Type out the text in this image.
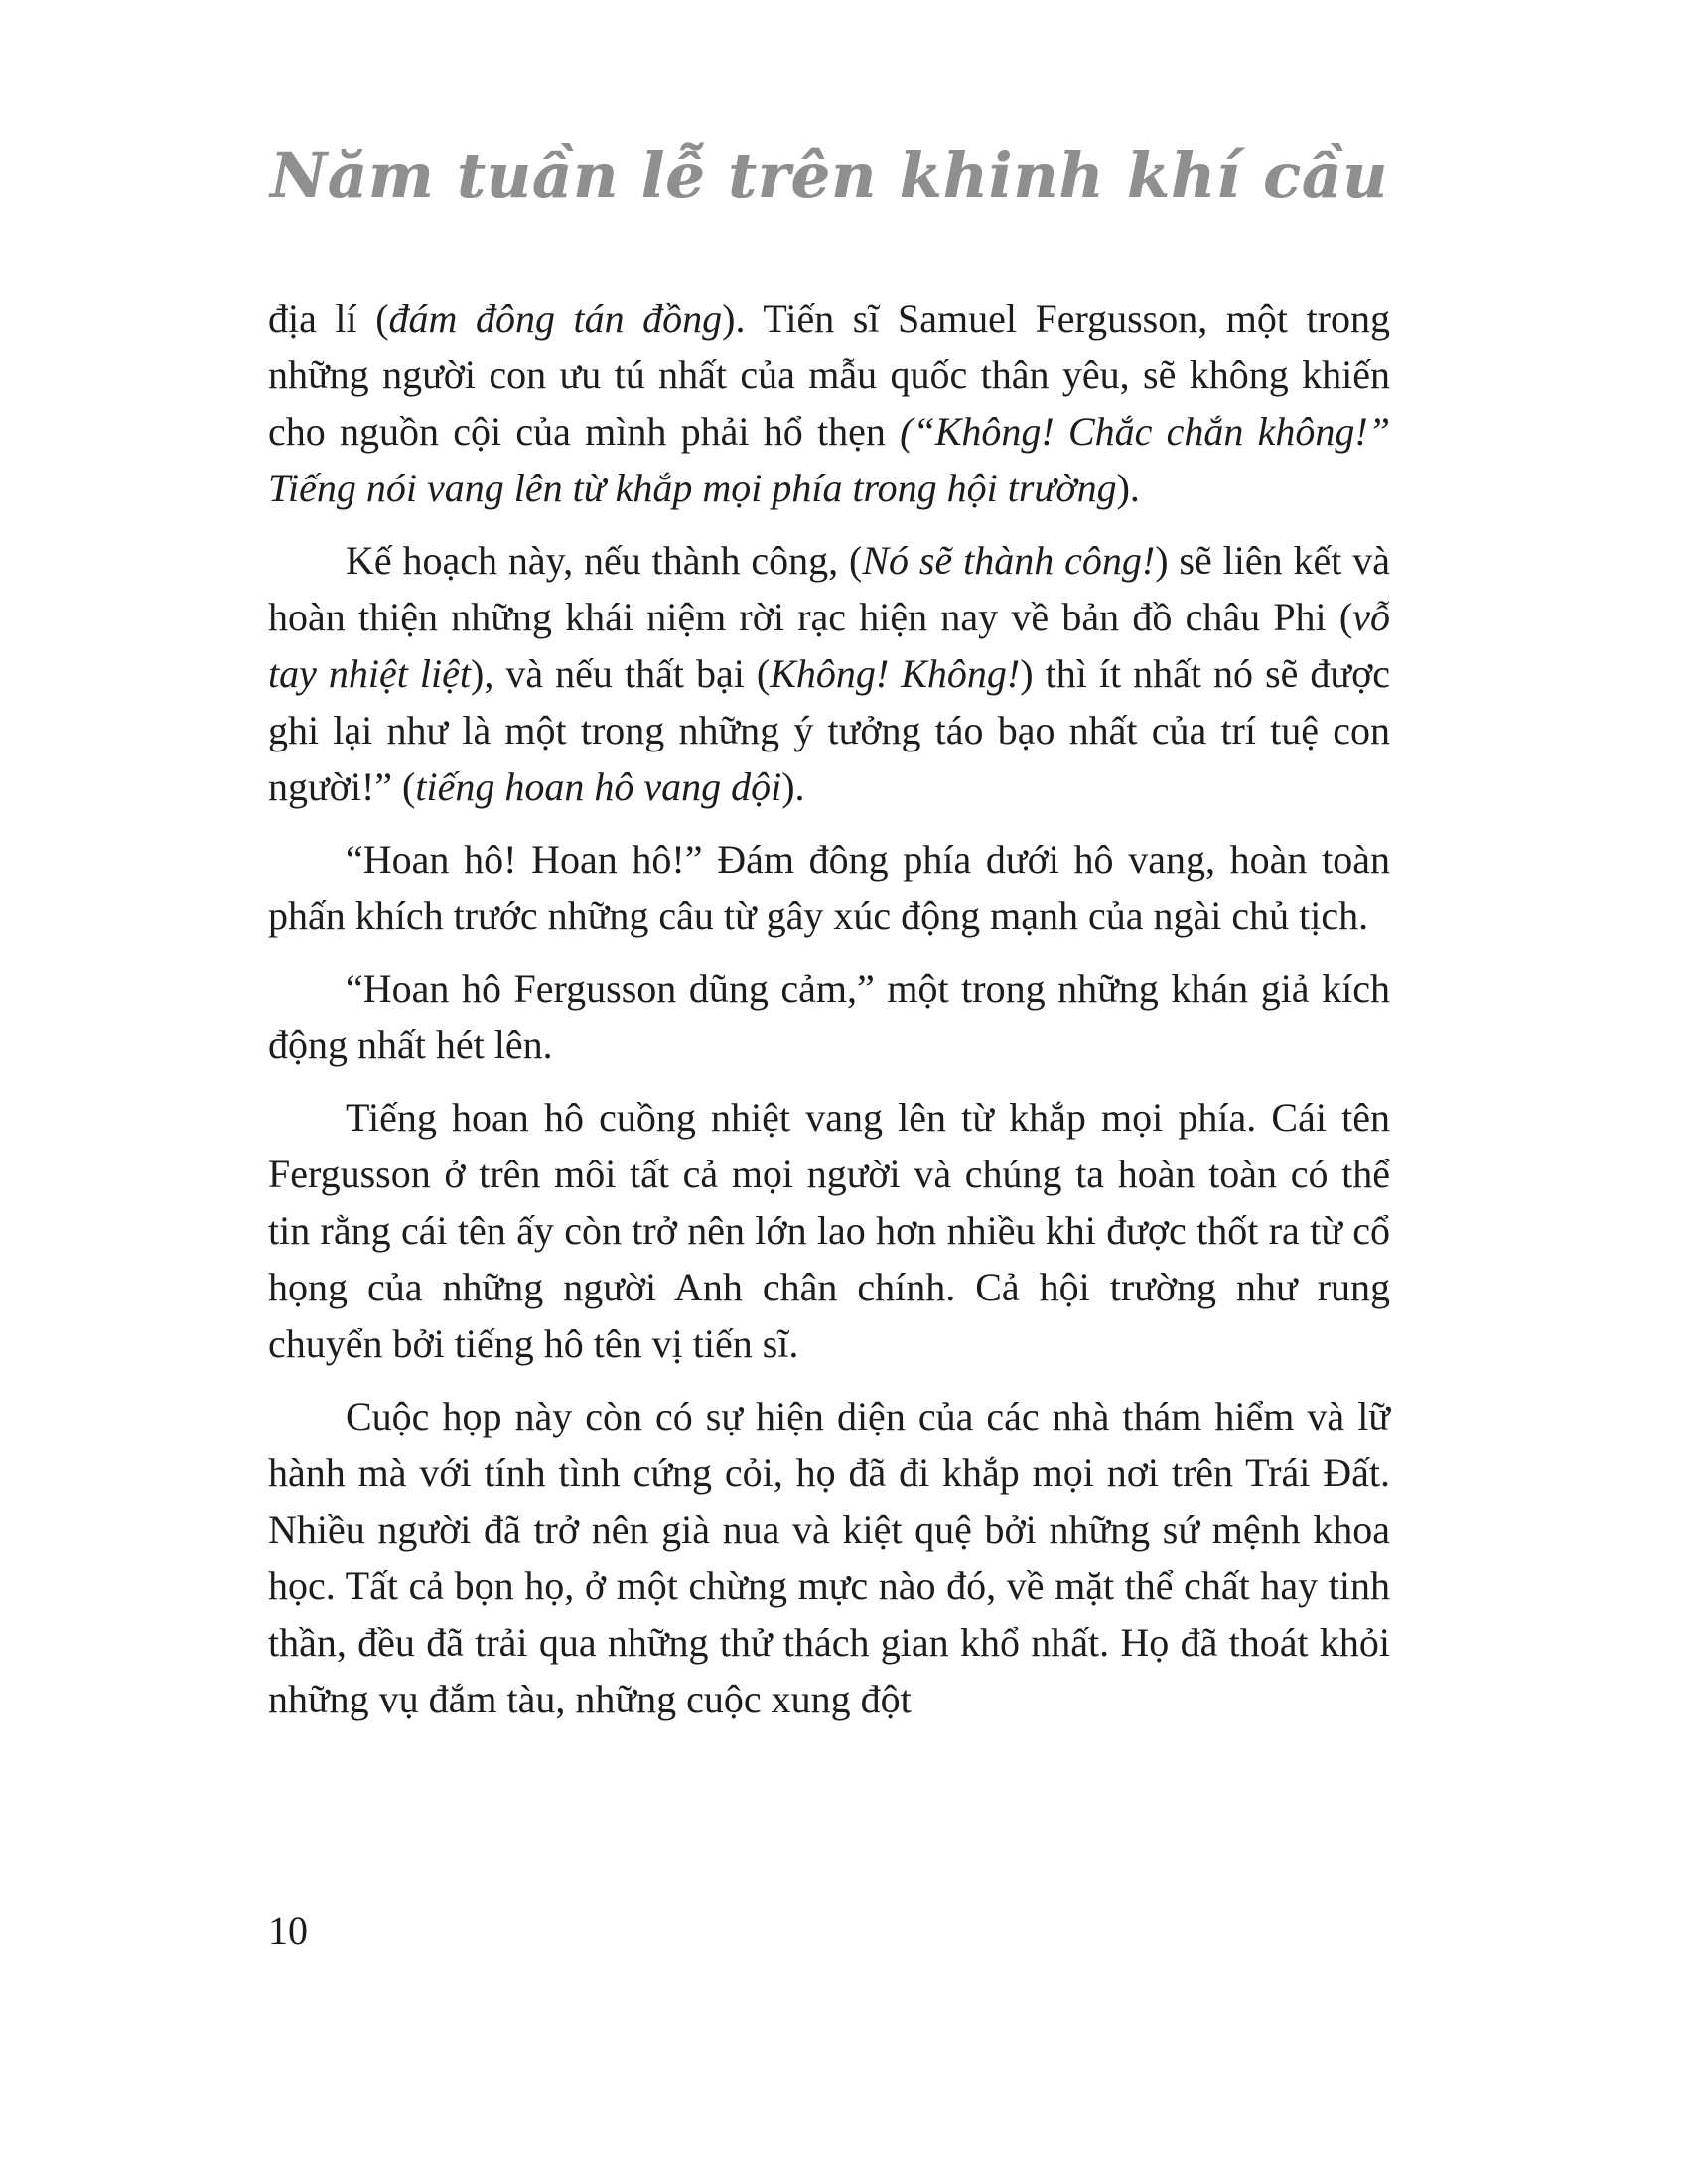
Năm tuần lễ trên khinh khí cầu

địa lí (đám đông tán đồng). Tiến sĩ Samuel Fergusson, một trong những người con ưu tú nhất của mẫu quốc thân yêu, sẽ không khiến cho nguồn cội của mình phải hổ thẹn (“Không! Chắc chắn không!” Tiếng nói vang lên từ khắp mọi phía trong hội trường).

Kế hoạch này, nếu thành công, (Nó sẽ thành công!) sẽ liên kết và hoàn thiện những khái niệm rời rạc hiện nay về bản đồ châu Phi (vỗ tay nhiệt liệt), và nếu thất bại (Không! Không!) thì ít nhất nó sẽ được ghi lại như là một trong những ý tưởng táo bạo nhất của trí tuệ con người!” (tiếng hoan hô vang dội).

“Hoan hô! Hoan hô!” Đám đông phía dưới hô vang, hoàn toàn phấn khích trước những câu từ gây xúc động mạnh của ngài chủ tịch.

“Hoan hô Fergusson dũng cảm,” một trong những khán giả kích động nhất hét lên.

Tiếng hoan hô cuồng nhiệt vang lên từ khắp mọi phía. Cái tên Fergusson ở trên môi tất cả mọi người và chúng ta hoàn toàn có thể tin rằng cái tên ấy còn trở nên lớn lao hơn nhiều khi được thốt ra từ cổ họng của những người Anh chân chính. Cả hội trường như rung chuyển bởi tiếng hô tên vị tiến sĩ.

Cuộc họp này còn có sự hiện diện của các nhà thám hiểm và lữ hành mà với tính tình cứng cỏi, họ đã đi khắp mọi nơi trên Trái Đất. Nhiều người đã trở nên già nua và kiệt quệ bởi những sứ mệnh khoa học. Tất cả bọn họ, ở một chừng mực nào đó, về mặt thể chất hay tinh thần, đều đã trải qua những thử thách gian khổ nhất. Họ đã thoát khỏi những vụ đắm tàu, những cuộc xung đột

10
